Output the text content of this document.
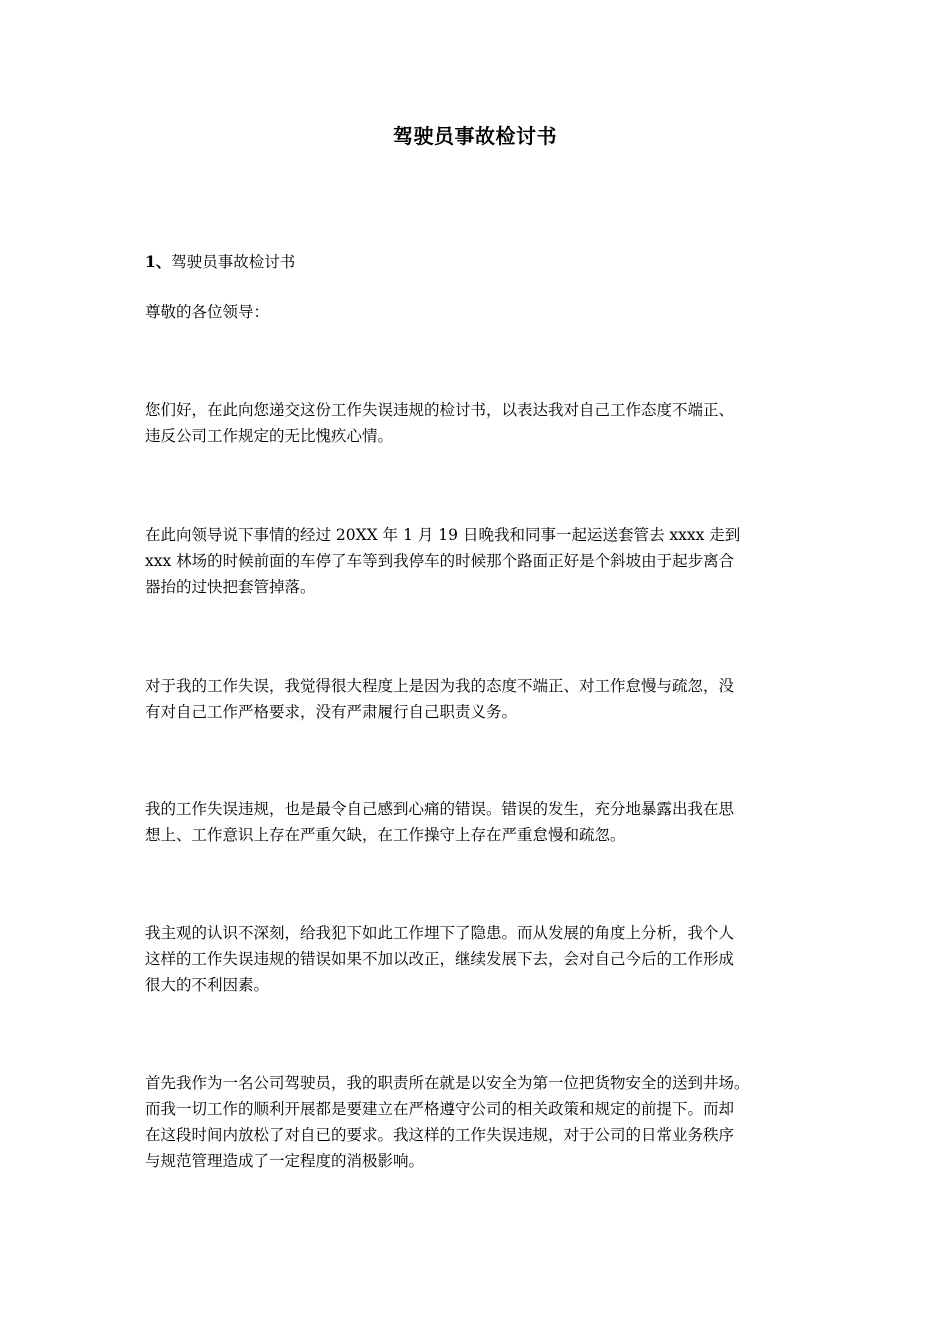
驾驶员事故检讨书
1、驾驶员事故检讨书
尊敬的各位领导：
您们好，在此向您递交这份工作失误违规的检讨书，以表达我对自己工作态度不端正、
违反公司工作规定的无比愧疚心情。
在此向领导说下事情的经过 20XX 年 1 月 19 日晚我和同事一起运送套管去 xxxx 走到
xxx 林场的时候前面的车停了车等到我停车的时候那个路面正好是个斜坡由于起步离合
器抬的过快把套管掉落。
对于我的工作失误，我觉得很大程度上是因为我的态度不端正、对工作怠慢与疏忽，没
有对自己工作严格要求，没有严肃履行自己职责义务。
我的工作失误违规，也是最令自己感到心痛的错误。错误的发生，充分地暴露出我在思
想上、工作意识上存在严重欠缺，在工作操守上存在严重怠慢和疏忽。
我主观的认识不深刻，给我犯下如此工作埋下了隐患。而从发展的角度上分析，我个人
这样的工作失误违规的错误如果不加以改正，继续发展下去，会对自己今后的工作形成
很大的不利因素。
首先我作为一名公司驾驶员，我的职责所在就是以安全为第一位把货物安全的送到井场。
而我一切工作的顺利开展都是要建立在严格遵守公司的相关政策和规定的前提下。而却
在这段时间内放松了对自已的要求。我这样的工作失误违规，对于公司的日常业务秩序
与规范管理造成了一定程度的消极影响。
